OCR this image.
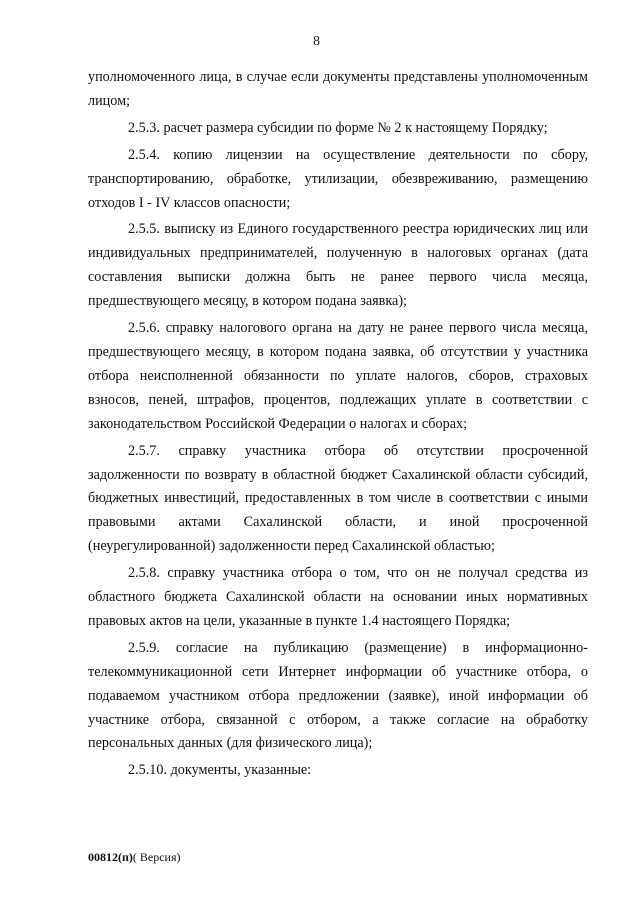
8

уполномоченного лица, в случае если документы представлены уполномоченным лицом;

2.5.3. расчет размера субсидии по форме № 2 к настоящему Порядку;

2.5.4. копию лицензии на осуществление деятельности по сбору, транспортированию, обработке, утилизации, обезвреживанию, размещению отходов I - IV классов опасности;

2.5.5. выписку из Единого государственного реестра юридических лиц или индивидуальных предпринимателей, полученную в налоговых органах (дата составления выписки должна быть не ранее первого числа месяца, предшествующего месяцу, в котором подана заявка);

2.5.6. справку налогового органа на дату не ранее первого числа месяца, предшествующего месяцу, в котором подана заявка, об отсутствии у участника отбора неисполненной обязанности по уплате налогов, сборов, страховых взносов, пеней, штрафов, процентов, подлежащих уплате в соответствии с законодательством Российской Федерации о налогах и сборах;

2.5.7. справку участника отбора об отсутствии просроченной задолженности по возврату в областной бюджет Сахалинской области субсидий, бюджетных инвестиций, предоставленных в том числе в соответствии с иными правовыми актами Сахалинской области, и иной просроченной (неурегулированной) задолженности перед Сахалинской областью;

2.5.8. справку участника отбора о том, что он не получал средства из областного бюджета Сахалинской области на основании иных нормативных правовых актов на цели, указанные в пункте 1.4 настоящего Порядка;

2.5.9. согласие на публикацию (размещение) в информационно-телекоммуникационной сети Интернет информации об участнике отбора, о подаваемом участником отбора предложении (заявке), иной информации об участнике отбора, связанной с отбором, а также согласие на обработку персональных данных (для физического лица);

2.5.10. документы, указанные:

00812(п)( Версия)
